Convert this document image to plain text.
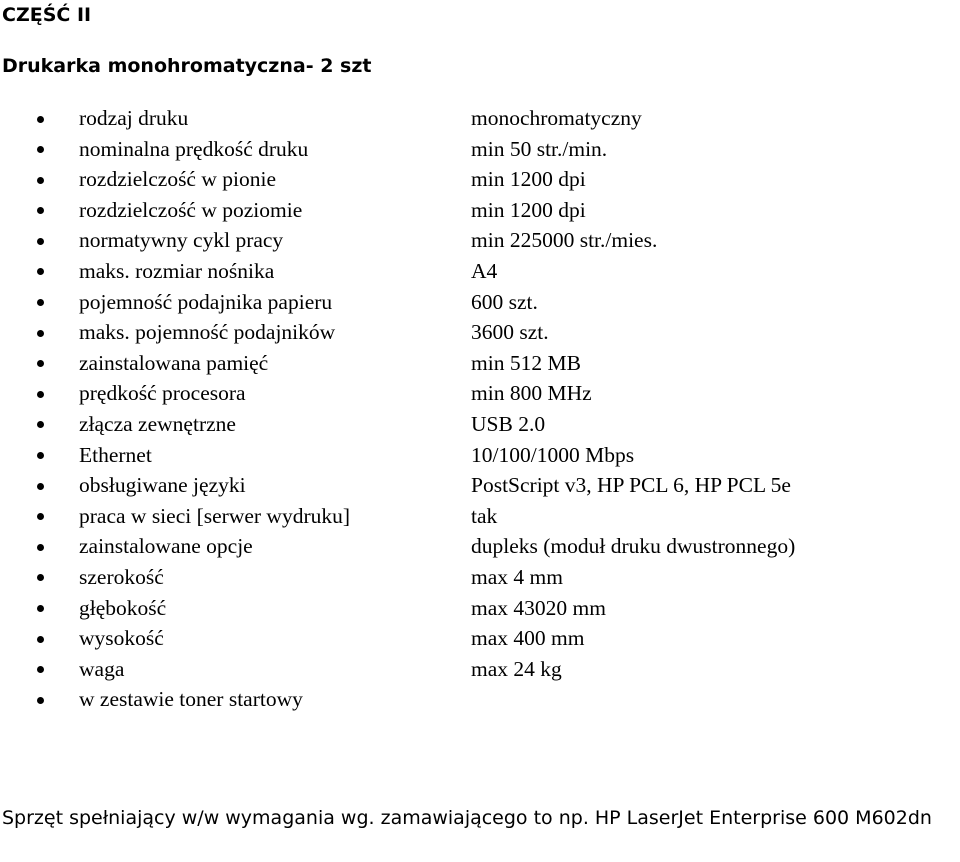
CZĘŚĆ II
Drukarka monohromatyczna- 2 szt
rodzaj druku	monochromatyczny
nominalna prędkość druku	min 50 str./min.
rozdzielczość w pionie	min 1200 dpi
rozdzielczość w poziomie	min 1200 dpi
normatywny cykl pracy	min 225000 str./mies.
maks. rozmiar nośnika	A4
pojemność podajnika papieru	600 szt.
maks. pojemność podajników	3600 szt.
zainstalowana pamięć	min 512 MB
prędkość procesora	min 800 MHz
złącza zewnętrzne	USB 2.0
Ethernet	10/100/1000 Mbps
obsługiwane języki	PostScript v3, HP PCL 6, HP PCL 5e
praca w sieci [serwer wydruku]	tak
zainstalowane opcje	dupleks (moduł druku dwustronnego)
szerokość	max 4 mm
głębokość	max 43020 mm
wysokość	max 400 mm
waga	max 24 kg
w zestawie toner startowy
Sprzęt spełniający w/w wymagania wg. zamawiającego to np. HP LaserJet Enterprise 600 M602dn
